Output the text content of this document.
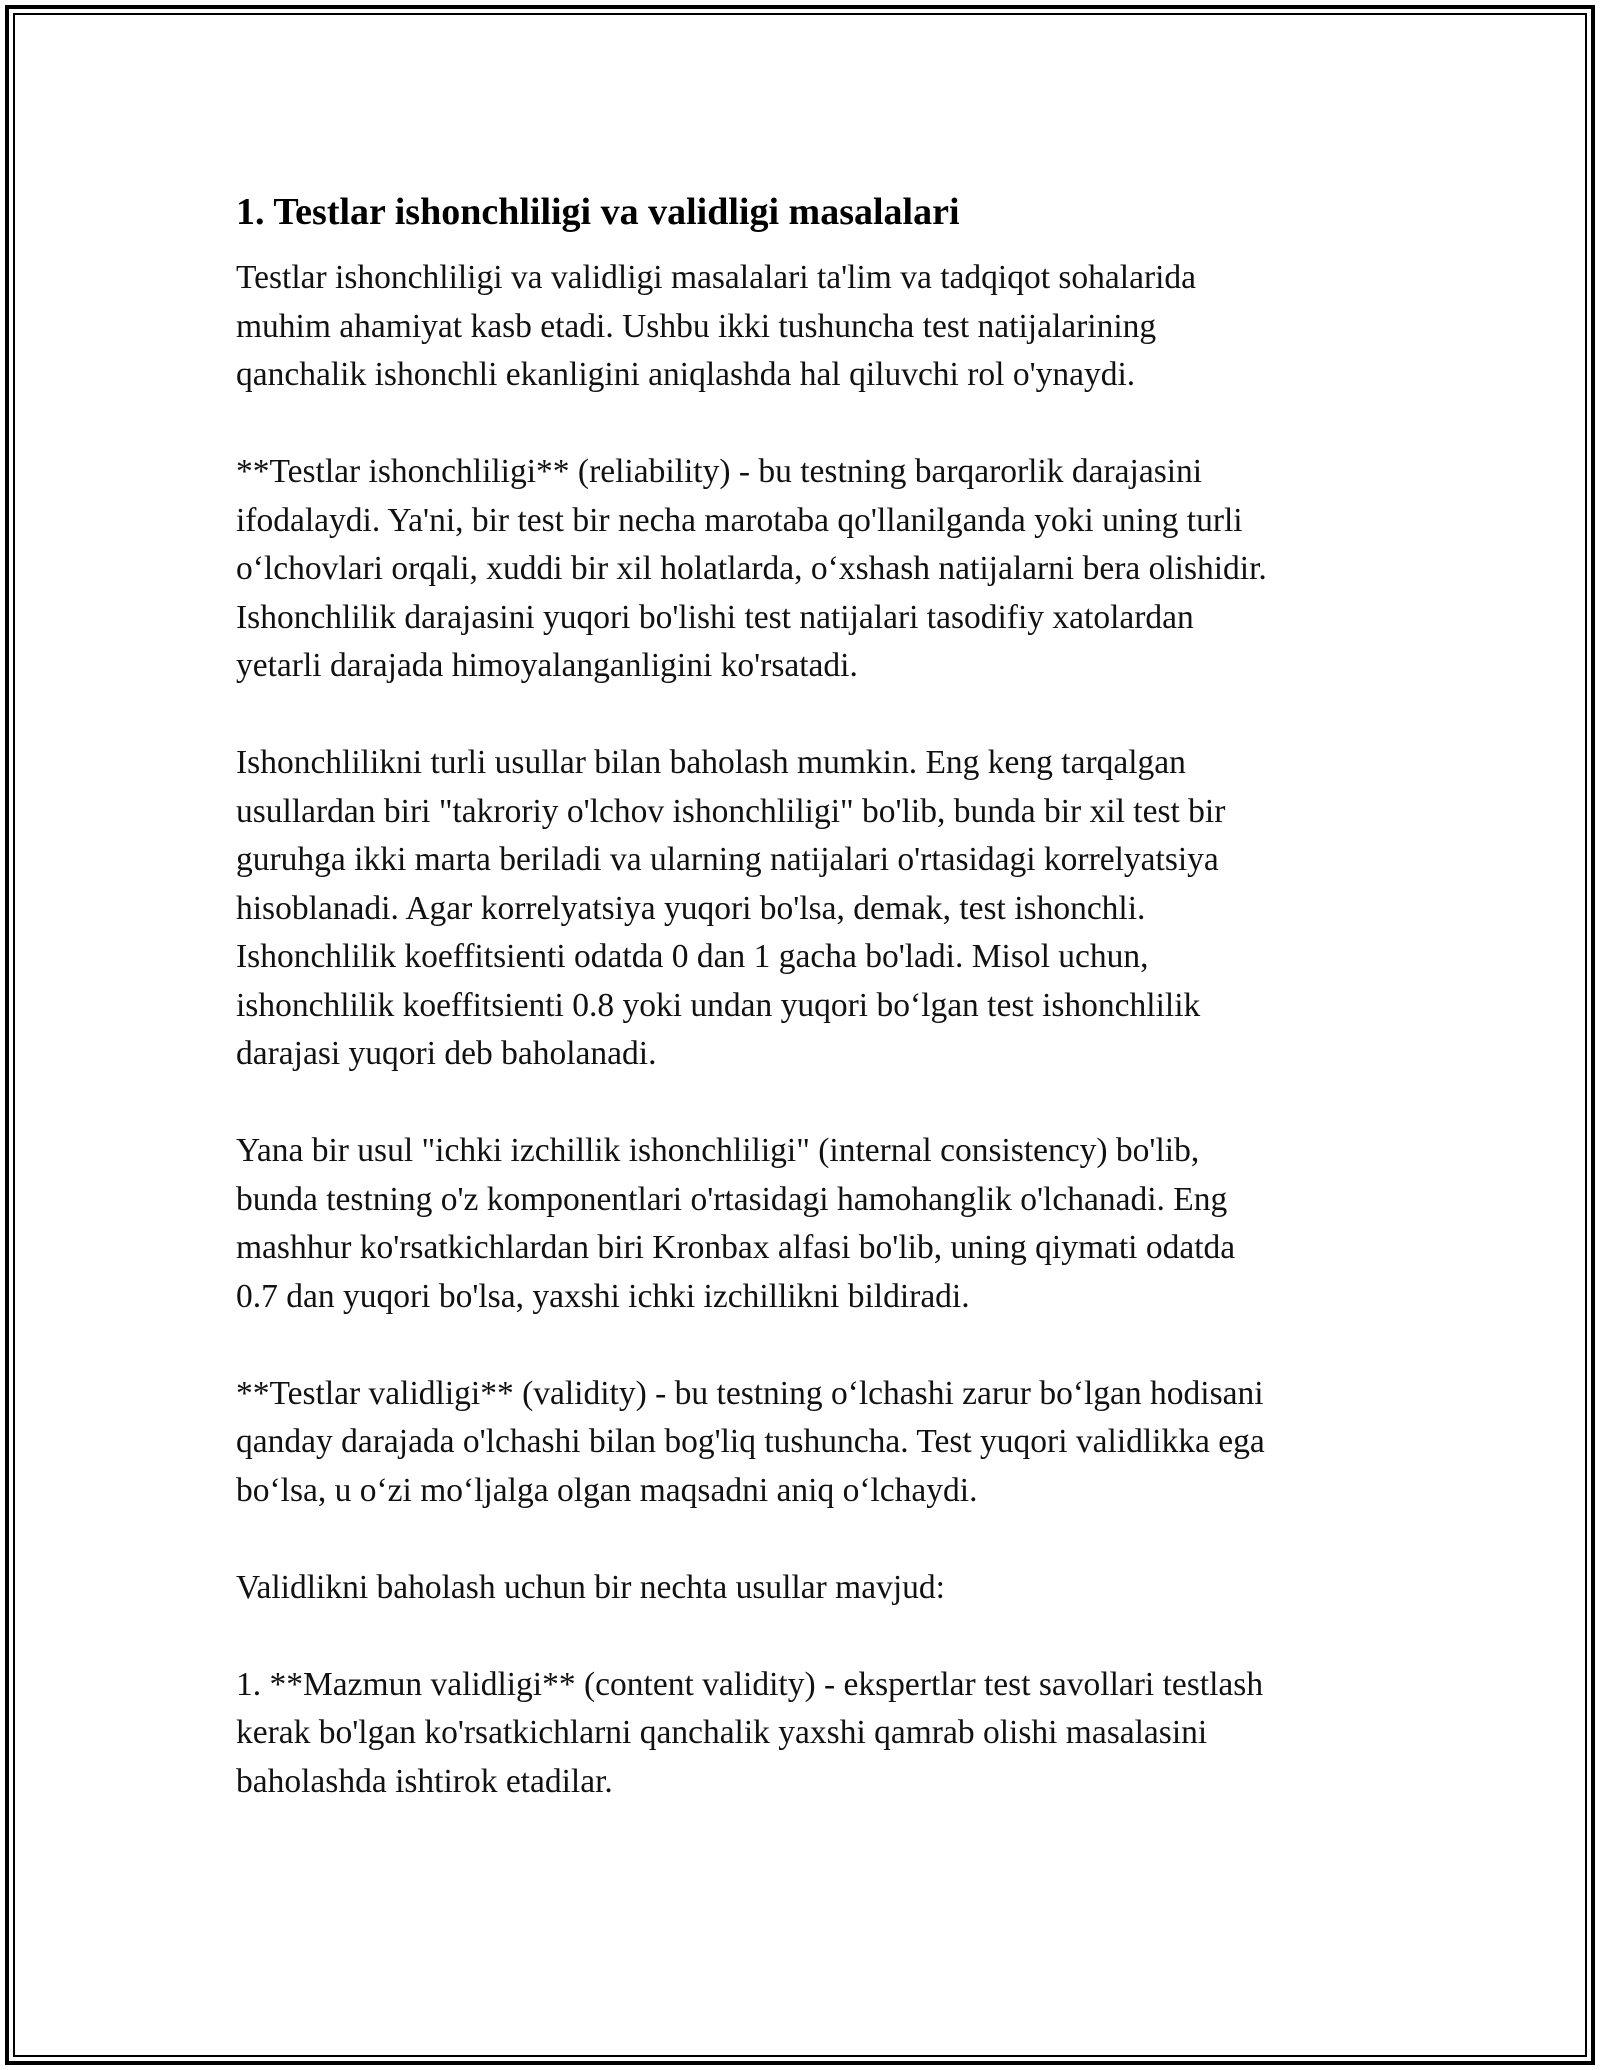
1. Testlar ishonchliligi va validligi masalalari

Testlar ishonchliligi va validligi masalalari ta'lim va tadqiqot sohalarida
muhim ahamiyat kasb etadi. Ushbu ikki tushuncha test natijalarining
qanchalik ishonchli ekanligini aniqlashda hal qiluvchi rol o'ynaydi.

**Testlar ishonchliligi** (reliability) - bu testning barqarorlik darajasini
ifodalaydi. Ya'ni, bir test bir necha marotaba qo'llanilganda yoki uning turli
o‘lchovlari orqali, xuddi bir xil holatlarda, o‘xshash natijalarni bera olishidir.
Ishonchlilik darajasini yuqori bo'lishi test natijalari tasodifiy xatolardan
yetarli darajada himoyalanganligini ko'rsatadi.

Ishonchlilikni turli usullar bilan baholash mumkin. Eng keng tarqalgan
usullardan biri "takroriy o'lchov ishonchliligi" bo'lib, bunda bir xil test bir
guruhga ikki marta beriladi va ularning natijalari o'rtasidagi korrelyatsiya
hisoblanadi. Agar korrelyatsiya yuqori bo'lsa, demak, test ishonchli.
Ishonchlilik koeffitsienti odatda 0 dan 1 gacha bo'ladi. Misol uchun,
ishonchlilik koeffitsienti 0.8 yoki undan yuqori bo‘lgan test ishonchlilik
darajasi yuqori deb baholanadi.

Yana bir usul "ichki izchillik ishonchliligi" (internal consistency) bo'lib,
bunda testning o'z komponentlari o'rtasidagi hamohanglik o'lchanadi. Eng
mashhur ko'rsatkichlardan biri Kronbax alfasi bo'lib, uning qiymati odatda
0.7 dan yuqori bo'lsa, yaxshi ichki izchillikni bildiradi.

**Testlar validligi** (validity) - bu testning o‘lchashi zarur bo‘lgan hodisani
qanday darajada o'lchashi bilan bog'liq tushuncha. Test yuqori validlikka ega
bo‘lsa, u o‘zi mo‘ljalga olgan maqsadni aniq o‘lchaydi.

Validlikni baholash uchun bir nechta usullar mavjud:

1. **Mazmun validligi** (content validity) - ekspertlar test savollari testlash
kerak bo'lgan ko'rsatkichlarni qanchalik yaxshi qamrab olishi masalasini
baholashda ishtirok etadilar.
